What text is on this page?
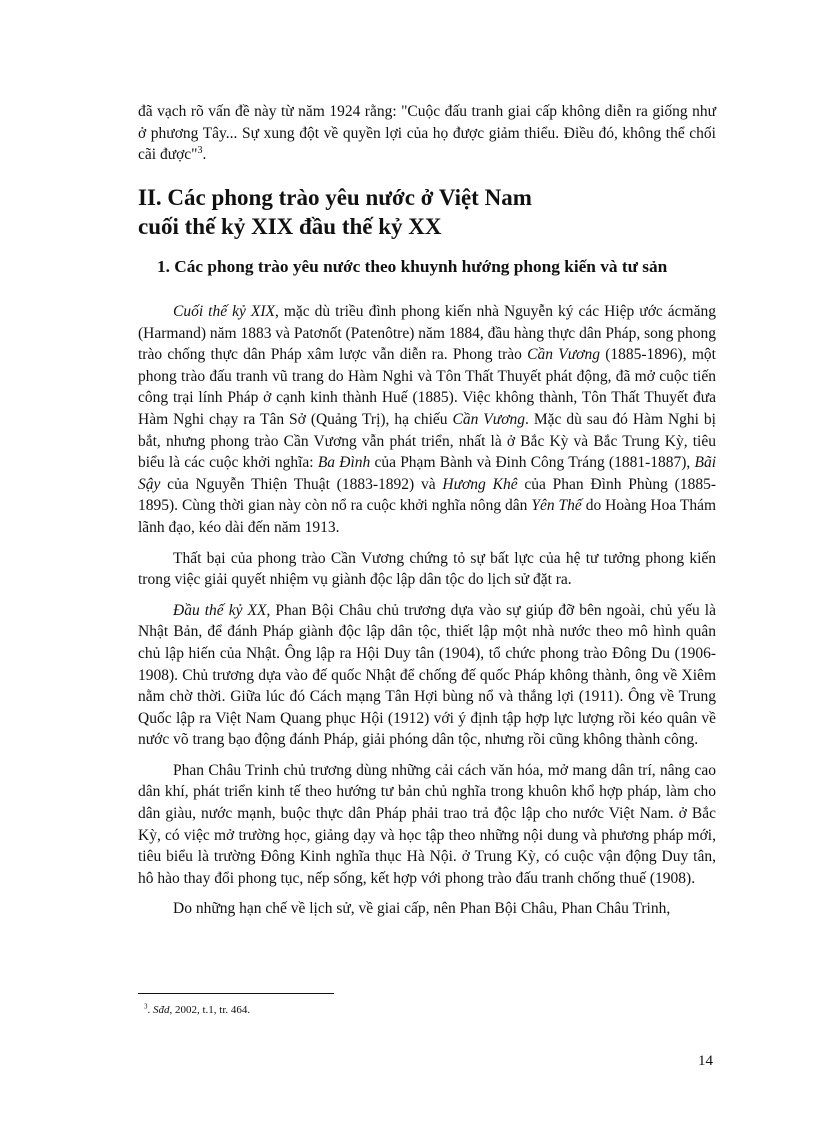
đã vạch rõ vấn đề này từ năm 1924 rằng: "Cuộc đấu tranh giai cấp không diễn ra giống như ở phương Tây... Sự xung đột về quyền lợi của họ được giảm thiểu. Điều đó, không thể chối cãi được"$^3$.

II. Các phong trào yêu nước ở Việt Nam
cuối thế kỷ XIX đầu thế kỷ XX
1. Các phong trào yêu nước theo khuynh hướng phong kiến và tư sản

Cuối thế kỷ XIX, mặc dù triều đình phong kiến nhà Nguyễn ký các Hiệp ước ácmăng (Harmand) năm 1883 và Patơnốt (Patenôtre) năm 1884, đầu hàng thực dân Pháp, song phong trào chống thực dân Pháp xâm lược vẫn diễn ra. Phong trào Cần Vương (1885-1896), một phong trào đấu tranh vũ trang do Hàm Nghi và Tôn Thất Thuyết phát động, đã mở cuộc tiến công trại lính Pháp ở cạnh kinh thành Huế (1885). Việc không thành, Tôn Thất Thuyết đưa Hàm Nghi chạy ra Tân Sở (Quảng Trị), hạ chiếu Cần Vương. Mặc dù sau đó Hàm Nghi bị bắt, nhưng phong trào Cần Vương vẫn phát triển, nhất là ở Bắc Kỳ và Bắc Trung Kỳ, tiêu biểu là các cuộc khởi nghĩa: Ba Đình của Phạm Bành và Đinh Công Tráng (1881-1887), Bãi Sậy của Nguyễn Thiện Thuật (1883-1892) và Hương Khê của Phan Đình Phùng (1885-1895). Cùng thời gian này còn nổ ra cuộc khởi nghĩa nông dân Yên Thế do Hoàng Hoa Thám lãnh đạo, kéo dài đến năm 1913.

Thất bại của phong trào Cần Vương chứng tỏ sự bất lực của hệ tư tưởng phong kiến trong việc giải quyết nhiệm vụ giành độc lập dân tộc do lịch sử đặt ra.

Đầu thế kỷ XX, Phan Bội Châu chủ trương dựa vào sự giúp đỡ bên ngoài, chủ yếu là Nhật Bản, để đánh Pháp giành độc lập dân tộc, thiết lập một nhà nước theo mô hình quân chủ lập hiến của Nhật. Ông lập ra Hội Duy tân (1904), tổ chức phong trào Đông Du (1906-1908). Chủ trương dựa vào đế quốc Nhật để chống đế quốc Pháp không thành, ông về Xiêm nằm chờ thời. Giữa lúc đó Cách mạng Tân Hợi bùng nổ và thắng lợi (1911). Ông về Trung Quốc lập ra Việt Nam Quang phục Hội (1912) với ý định tập hợp lực lượng rồi kéo quân về nước võ trang bạo động đánh Pháp, giải phóng dân tộc, nhưng rồi cũng không thành công.

Phan Châu Trinh chủ trương dùng những cải cách văn hóa, mở mang dân trí, nâng cao dân khí, phát triển kinh tế theo hướng tư bản chủ nghĩa trong khuôn khổ hợp pháp, làm cho dân giàu, nước mạnh, buộc thực dân Pháp phải trao trả độc lập cho nước Việt Nam. ở Bắc Kỳ, có việc mở trường học, giảng dạy và học tập theo những nội dung và phương pháp mới, tiêu biểu là trường Đông Kinh nghĩa thục Hà Nội. ở Trung Kỳ, có cuộc vận động Duy tân, hô hào thay đổi phong tục, nếp sống, kết hợp với phong trào đấu tranh chống thuế (1908).

Do những hạn chế về lịch sử, về giai cấp, nên Phan Bội Châu, Phan Châu Trinh,

$^3$. Sđd, 2002, t.1, tr. 464.
14
